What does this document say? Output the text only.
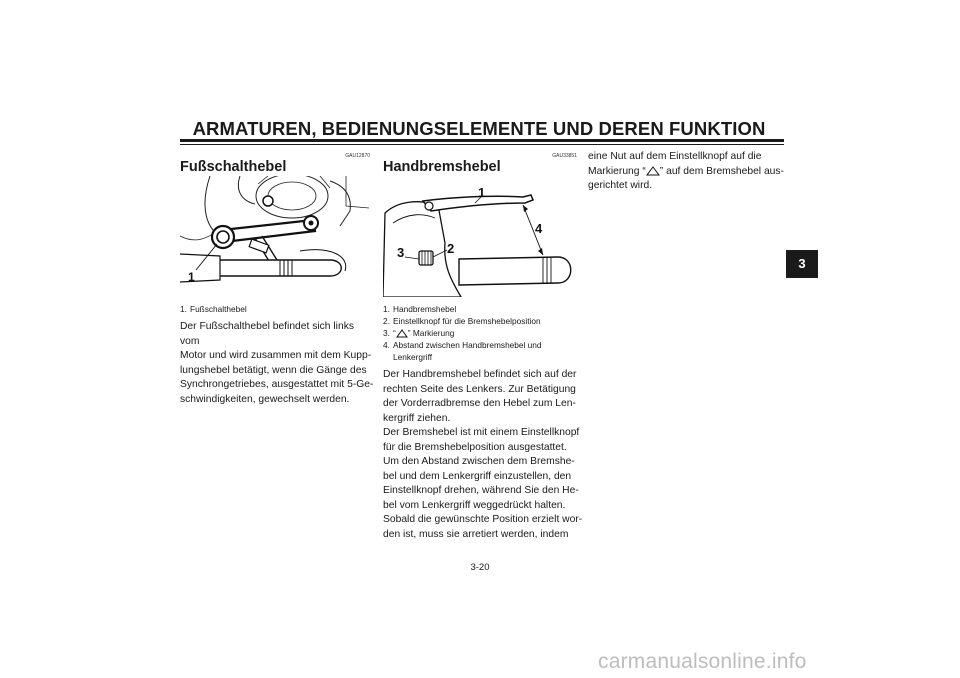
ARMATUREN, BEDIENUNGSELEMENTE UND DEREN FUNKTION
3
GAU12870
Fußschalthebel
1
1. Fußschalthebel

Der Fußschalthebel befindet sich links vom

Motor und wird zusammen mit dem Kupp-

lungshebel betätigt, wenn die Gänge des

Synchrongetriebes, ausgestattet mit 5-Ge-

schwindigkeiten, gewechselt werden.

GAU33851
Handbremshebel
1
2
3
4
1. Handbremshebel
2. Einstellknopf für die Bremshebelposition
3. “ ” Markierung
4. Abstand zwischen Handbremshebel und
Lenkergriff

Der Handbremshebel befindet sich auf der

rechten Seite des Lenkers. Zur Betätigung

der Vorderradbremse den Hebel zum Len-

kergriff ziehen.

Der Bremshebel ist mit einem Einstellknopf

für die Bremshebelposition ausgestattet.

Um den Abstand zwischen dem Bremshe-

bel und dem Lenkergriff einzustellen, den

Einstellknopf drehen, während Sie den He-

bel vom Lenkergriff weggedrückt halten.

Sobald die gewünschte Position erzielt wor-

den ist, muss sie arretiert werden, indem

eine Nut auf dem Einstellknopf auf die

Markierung “ ” auf dem Bremshebel aus-

gerichtet wird.

3-20
carmanualsonline.info
